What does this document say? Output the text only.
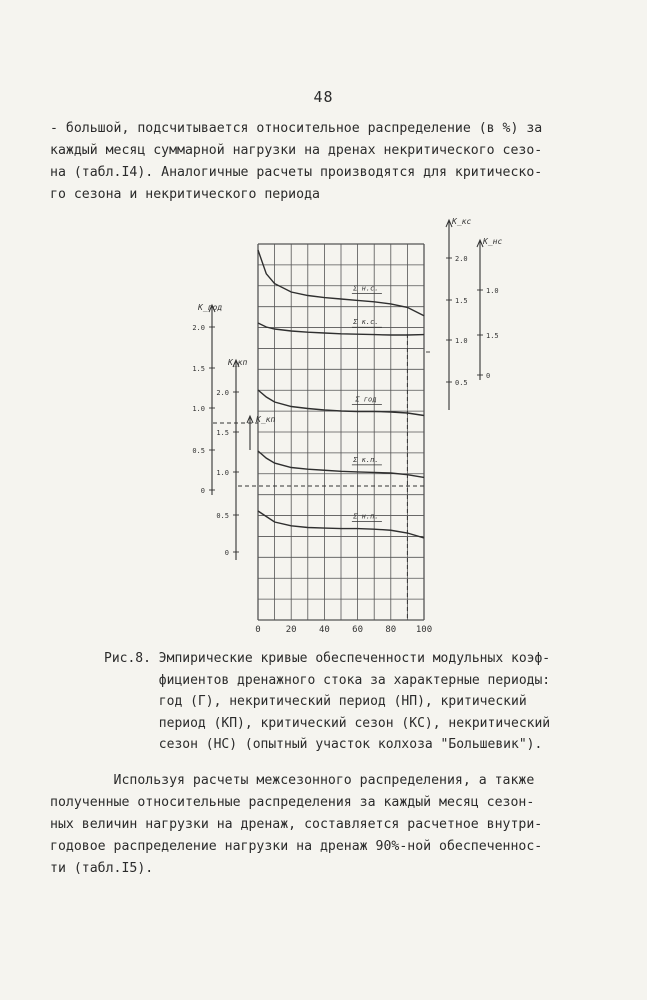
48
- большой, подсчитывается относительное распределение (в %) за
каждый месяц суммарной нагрузки на дренах некритического сезо-
на (табл.I4). Аналогичные расчеты производятся для критическо-
го сезона и некритического периода
0	20 40 60 80 100
Σ н.с.
Σ к.с.
Σ год
Σ к.п.
Σ н.п.
K_кс
2.0
1.5
1.0
0.5
K_нс
1.0
1.5
0
K_год
2.0
1.5
1.0
0.5
0
K_кп
2.0
1.5
1.0
0.5
0
K_кп
Рис.8. Эмпирические кривые обеспеченности модульных коэф-
фициентов дренажного стока за характерные периоды:
год (Г), некритический период (НП), критический
период (КП), критический сезон (КС), некритический
сезон (НС) (опытный участок колхоза "Большевик").
Используя расчеты межсезонного распределения, а также
полученные относительные распределения за каждый месяц сезон-
ных величин нагрузки на дренаж, составляется расчетное внутри-
годовое распределение нагрузки на дренаж 90%-ной обеспеченнос-
ти (табл.I5).
